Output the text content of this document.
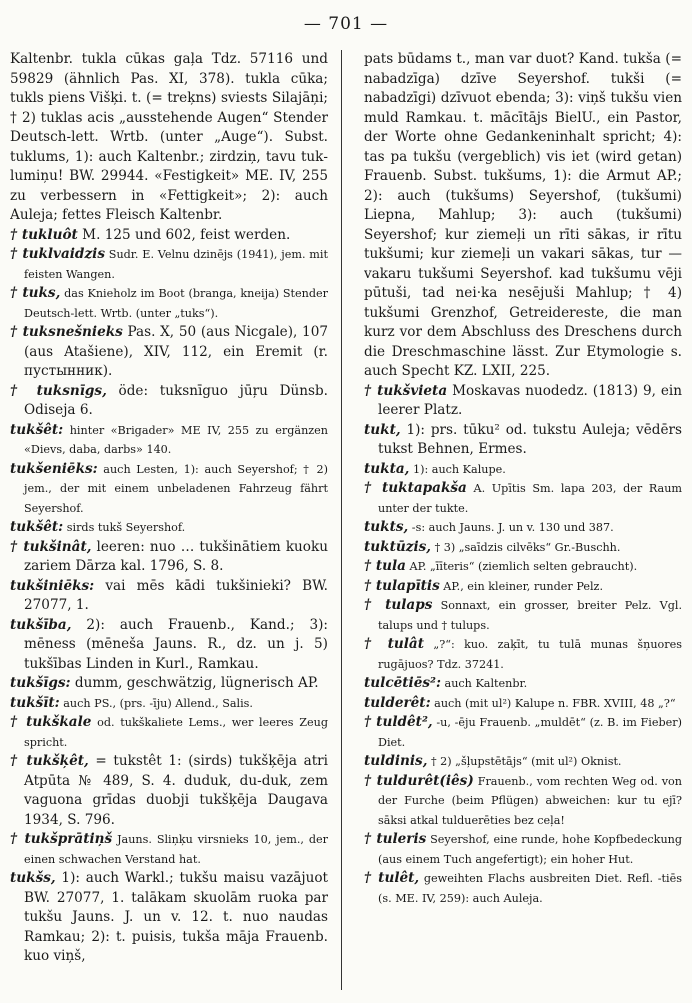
— 701 —

Kaltenbr. tukla cūkas gaļa Tdz. 57116 und 59829 (ähnlich Pas. XI, 378). tukla cūka; tukls piens Višķi. t. (= treķns) sviests Silajāņi; † 2) tuklas acis „ausstehende Augen“ Stender Deutsch-lett. Wrtb. (unter „Auge“). Subst. tuklums, 1): auch Kaltenbr.; zirdziņ, tavu tuklumiņu! BW. 29944. «Festigkeit» ME. IV, 255 zu verbessern in «Fettigkeit»; 2): auch Auleja; fettes Fleisch Kaltenbr.

† tukluôt M. 125 und 602, feist werden.

† tuklvaidzis Sudr. E. Velnu dzinējs (1941), jem. mit feisten Wangen.

† tuks, das Knieholz im Boot (branga, kneija) Stender Deutsch-lett. Wrtb. (unter „tuks“).

† tuksnešnieks Pas. X, 50 (aus Nicgale), 107 (aus Atašiene), XIV, 112, ein Eremit (r. пустынник).

† tuksnīgs, öde: tuksnīguo jūŗu Dünsb. Odiseja 6.

tukšêt: hinter «Brigader» ME IV, 255 zu ergänzen «Dievs, daba, darbs» 140.

tukšeniēks: auch Lesten, 1): auch Seyershof; † 2) jem., der mit einem unbeladenen Fahrzeug fährt Seyershof.

tukšêt: sirds tukš Seyershof.

† tukšinât, leeren: nuo … tukšinātiem kuoku zariem Dārza kal. 1796, S. 8.

tukšiniēks: vai mēs kādi tukšinieki? BW. 27077, 1.

tukšība, 2): auch Frauenb., Kand.; 3): mēness (mēneša Jauns. R., dz. un j. 5) tukšības Linden in Kurl., Ramkau.

tukšīgs: dumm, geschwätzig, lügnerisch AP.

tukšīt: auch PS., (prs. -īju) Allend., Salis.

† tukškale od. tukškaliete Lems., wer leeres Zeug spricht.

† tukšķêt, = tukstêt 1: (sirds) tukšķēja atri Atpūta № 489, S. 4. duduk, du-duk, zem vaguona grīdas duobji tukšķēja Daugava 1934, S. 796.

† tukšprātiņš Jauns. Sliņķu virsnieks 10, jem., der einen schwachen Verstand hat.

tukšs, 1): auch Warkl.; tukšu maisu vazājuot BW. 27077, 1. talākam skuolām ruoka par tukšu Jauns. J. un v. 12. t. nuo naudas Ramkau; 2): t. puisis, tukša māja Frauenb. kuo viņš,

pats būdams t., man var duot? Kand. tukša (= nabadzīga) dzīve Seyershof. tukši (= nabadzīgi) dzīvuot ebenda; 3): viņš tukšu vien muld Ramkau. t. mācītājs BielU., ein Pastor, der Worte ohne Gedankeninhalt spricht; 4): tas pa tukšu (vergeblich) vis iet (wird getan) Frauenb. Subst. tukšums, 1): die Armut AP.; 2): auch (tukšums) Seyershof, (tukšumi) Liepna, Mahlup; 3): auch (tukšumi) Seyershof; kur ziemeļi un rīti sākas, ir rītu tukšumi; kur ziemeļi un vakari sākas, tur — vakaru tukšumi Seyershof. kad tukšumu vēji pūtuši, tad nei·ka nesējuši Mahlup; † 4) tukšumi Grenzhof, Getreidereste, die man kurz vor dem Abschluss des Dreschens durch die Dreschmaschine lässt. Zur Etymologie s. auch Specht KZ. LXII, 225.

† tukšvieta Moskavas nuodedz. (1813) 9, ein leerer Platz.

tukt, 1): prs. tūku² od. tukstu Auleja; vēdērs tukst Behnen, Ermes.

tukta, 1): auch Kalupe.

† tuktapakša A. Upītis Sm. lapa 203, der Raum unter der tukte.

tukts, -s: auch Jauns. J. un v. 130 und 387.

tuktūzis, † 3) „saīdzis cilvēks“ Gr.-Buschh.

† tula AP. „īīteris“ (ziemlich selten gebraucht).

† tulapītis AP., ein kleiner, runder Pelz.

† tulaps Sonnaxt, ein grosser, breiter Pelz. Vgl. talups und † tulups.

† tulât „?“: kuo. zaķīt, tu tulā munas šņuores rugājuos? Tdz. 37241.

tulcētiēs²: auch Kaltenbr.

tulderêt: auch (mit ul²) Kalupe n. FBR. XVIII, 48 „?“

† tuldêt², -u, -ēju Frauenb. „muldēt“ (z. B. im Fieber) Diet.

tuldinis, † 2) „šļupstētājs“ (mit ul²) Oknist.

† tuldurêt(iês) Frauenb., vom rechten Weg od. von der Furche (beim Pflügen) abweichen: kur tu ejī? sāksi atkal tulduerēties bez ceļa!

† tuleris Seyershof, eine runde, hohe Kopfbedeckung (aus einem Tuch angefertigt); ein hoher Hut.

† tulêt, geweihten Flachs ausbreiten Diet. Refl. -tiēs (s. ME. IV, 259): auch Auleja.
